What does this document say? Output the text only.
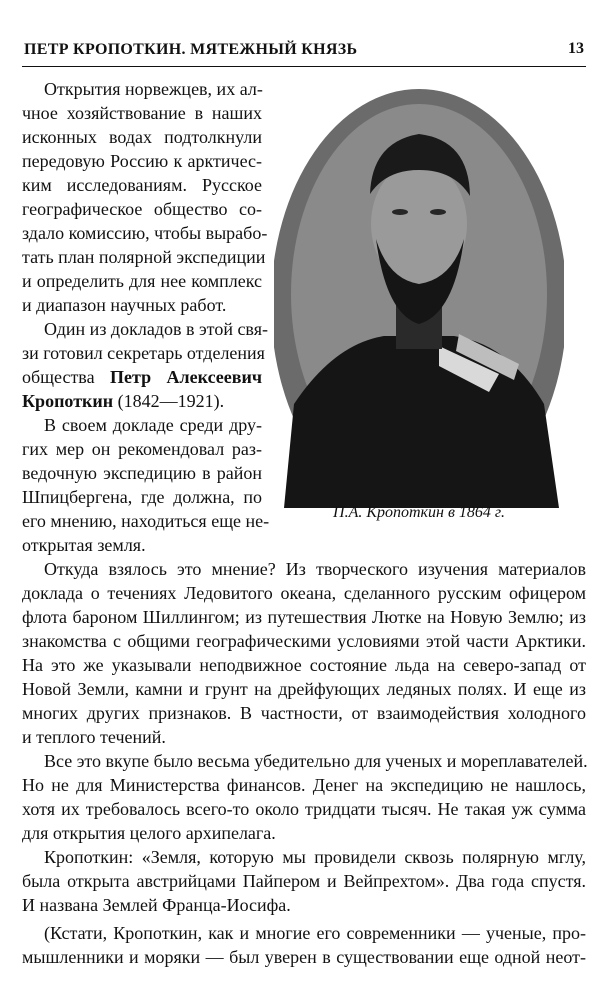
ПЕТР КРОПОТКИН. МЯТЕЖНЫЙ КНЯЗЬ	13
П.А. Кропоткин в 1864 г.
Открытия норвежцев, их ал-
чное хозяйствование в наших
исконных водах подтолкнули
передовую Россию к арктичес-
ким исследованиям. Русское
географическое общество со-
здало комиссию, чтобы вырабо-
тать план полярной экспедиции
и определить для нее комплекс
и диапазон научных работ.
Один из докладов в этой свя-
зи готовил секретарь отделения
общества Петр Алексеевич
Кропоткин (1842—1921).
В своем докладе среди дру-
гих мер он рекомендовал раз-
ведочную экспедицию в район
Шпицбергена, где должна, по
его мнению, находиться еще не-
открытая земля.
Откуда взялось это мнение? Из творческого изучения материалов
доклада о течениях Ледовитого океана, сделанного русским офицером
флота бароном Шиллингом; из путешествия Лютке на Новую Землю; из
знакомства с общими географическими условиями этой части Арктики.
На это же указывали неподвижное состояние льда на северо-запад от
Новой Земли, камни и грунт на дрейфующих ледяных полях. И еще из
многих других признаков. В частности, от взаимодействия холодного
и теплого течений.
Все это вкупе было весьма убедительно для ученых и мореплавателей.
Но не для Министерства финансов. Денег на экспедицию не нашлось,
хотя их требовалось всего-то около тридцати тысяч. Не такая уж сумма
для открытия целого архипелага.
Кропоткин: «Земля, которую мы провидели сквозь полярную мглу,
была открыта австрийцами Пайпером и Вейпрехтом». Два года спустя.
И названа Землей Франца-Иосифа.
(Кстати, Кропоткин, как и многие его современники — ученые, про-
мышленники и моряки — был уверен в существовании еще одной неот-
